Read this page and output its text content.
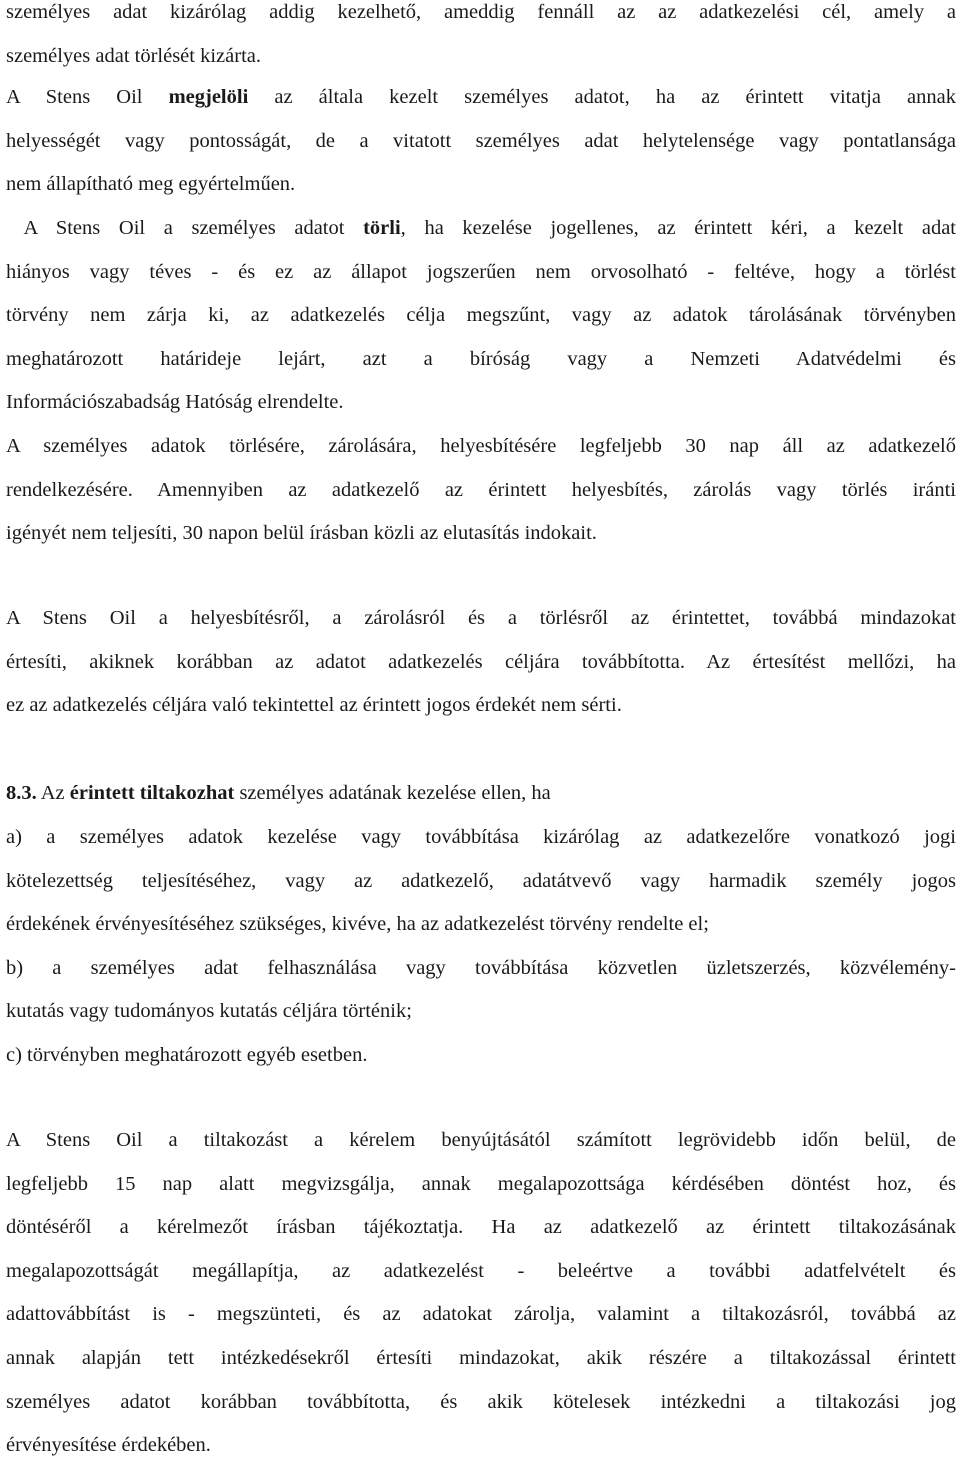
személyes adat kizárólag addig kezelhető, ameddig fennáll az az adatkezelési cél, amely a
személyes adat törlését kizárta.
A Stens Oil megjelöli az általa kezelt személyes adatot, ha az érintett vitatja annak
helyességét vagy pontosságát, de a vitatott személyes adat helytelensége vagy pontatlansága
nem állapítható meg egyértelműen.
A Stens Oil a személyes adatot törli, ha kezelése jogellenes, az érintett kéri, a kezelt adat
hiányos vagy téves - és ez az állapot jogszerűen nem orvosolható - feltéve, hogy a törlést
törvény nem zárja ki, az adatkezelés célja megszűnt, vagy az adatok tárolásának törvényben
meghatározott határideje lejárt, azt a bíróság vagy a Nemzeti Adatvédelmi és
Információszabadság Hatóság elrendelte.
A személyes adatok törlésére, zárolására, helyesbítésére legfeljebb 30 nap áll az adatkezelő
rendelkezésére. Amennyiben az adatkezelő az érintett helyesbítés, zárolás vagy törlés iránti
igényét nem teljesíti, 30 napon belül írásban közli az elutasítás indokait.
A Stens Oil a helyesbítésről, a zárolásról és a törlésről az érintettet, továbbá mindazokat
értesíti, akiknek korábban az adatot adatkezelés céljára továbbította. Az értesítést mellőzi, ha
ez az adatkezelés céljára való tekintettel az érintett jogos érdekét nem sérti.
8.3. Az érintett tiltakozhat személyes adatának kezelése ellen, ha
a) a személyes adatok kezelése vagy továbbítása kizárólag az adatkezelőre vonatkozó jogi
kötelezettség teljesítéséhez, vagy az adatkezelő, adatátvevő vagy harmadik személy jogos
érdekének érvényesítéséhez szükséges, kivéve, ha az adatkezelést törvény rendelte el;
b) a személyes adat felhasználása vagy továbbítása közvetlen üzletszerzés, közvélemény-
kutatás vagy tudományos kutatás céljára történik;
c) törvényben meghatározott egyéb esetben.
A Stens Oil a tiltakozást a kérelem benyújtásától számított legrövidebb időn belül, de
legfeljebb 15 nap alatt megvizsgálja, annak megalapozottsága kérdésében döntést hoz, és
döntéséről a kérelmezőt írásban tájékoztatja. Ha az adatkezelő az érintett tiltakozásának
megalapozottságát megállapítja, az adatkezelést - beleértve a további adatfelvételt és
adattovábbítást is - megszünteti, és az adatokat zárolja, valamint a tiltakozásról, továbbá az
annak alapján tett intézkedésekről értesíti mindazokat, akik részére a tiltakozással érintett
személyes adatot korábban továbbította, és akik kötelesek intézkedni a tiltakozási jog
érvényesítése érdekében.
